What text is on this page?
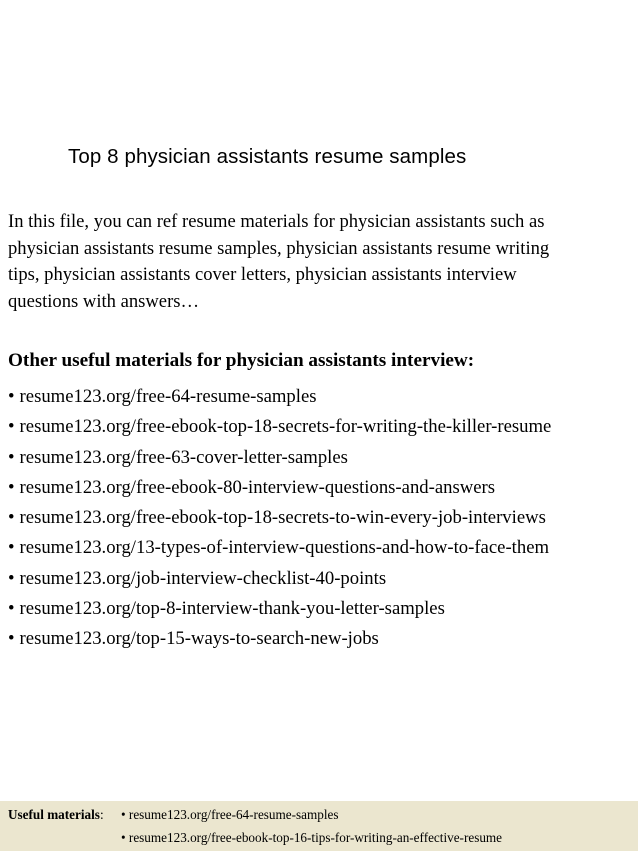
Top 8 physician assistants resume samples

In this file, you can ref resume materials for physician assistants such as
physician assistants resume samples, physician assistants resume writing
tips, physician assistants cover letters, physician assistants interview
questions with answers…

Other useful materials for physician assistants interview:
• resume123.org/free-64-resume-samples
• resume123.org/free-ebook-top-18-secrets-for-writing-the-killer-resume
• resume123.org/free-63-cover-letter-samples
• resume123.org/free-ebook-80-interview-questions-and-answers
• resume123.org/free-ebook-top-18-secrets-to-win-every-job-interviews
• resume123.org/13-types-of-interview-questions-and-how-to-face-them
• resume123.org/job-interview-checklist-40-points
• resume123.org/top-8-interview-thank-you-letter-samples
• resume123.org/top-15-ways-to-search-new-jobs
Useful materials: • resume123.org/free-64-resume-samples
• resume123.org/free-ebook-top-16-tips-for-writing-an-effective-resume
